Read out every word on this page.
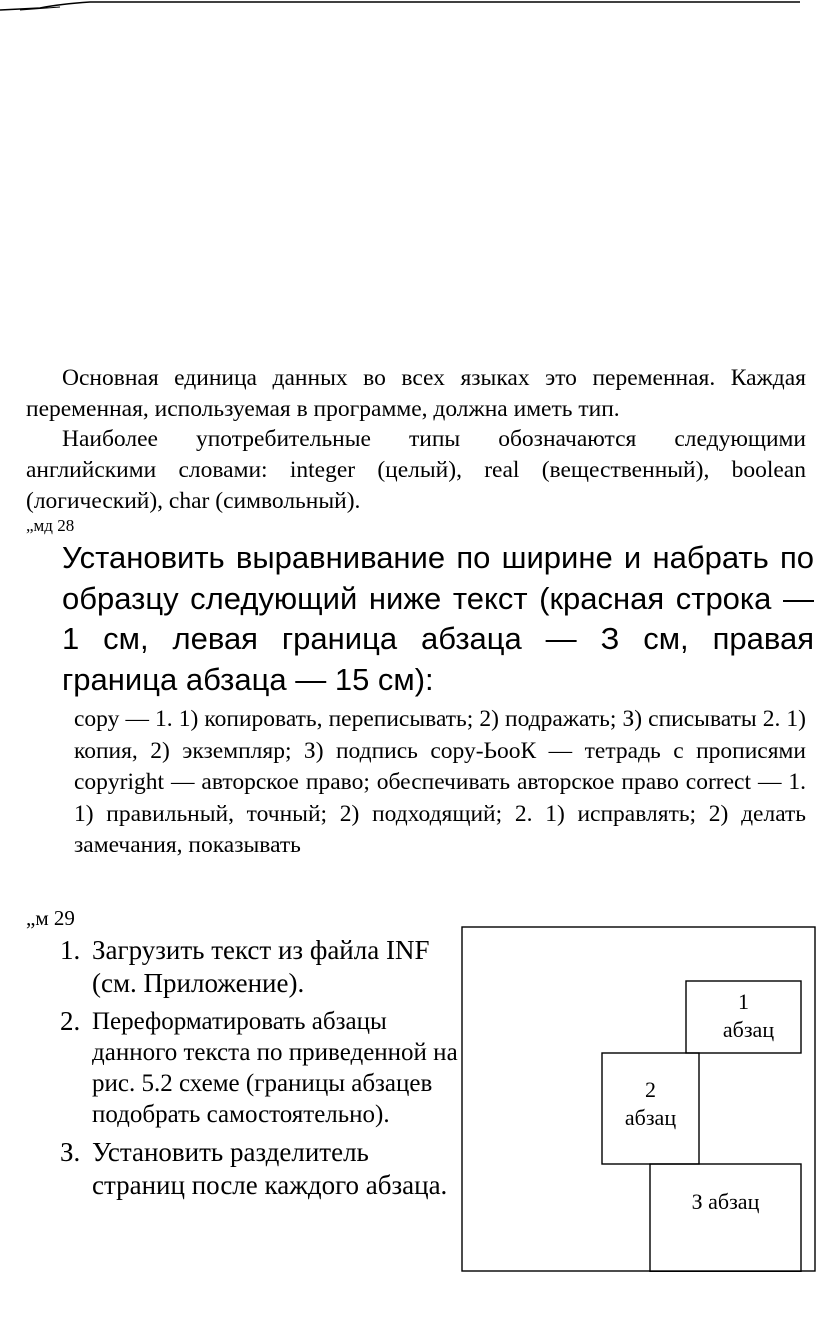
Основная единица данных во всех языках это переменная. Каждая переменная, используемая в программе, должна иметь тип.

Наиболее употребительные типы обозначаются следующими английскими словами: integer (целый), real (вещественный), boolean (логический), char (символьный).

„мд 28

Установить выравнивание по ширине и набрать по образцу следующий ниже текст (красная строка — 1 см, левая граница абзаца — З см, правая граница абзаца — 15 см):

сору — 1. 1) копировать, переписывать; 2) подражать; З) списываты 2. 1) копия, 2) экземпляр; З) подпись сору-ЬооК — тетрадь с прописями copyright — авторское право; обеспечивать авторское право correct — 1. 1) правильный, точный; 2) подходящий; 2. 1) исправлять; 2) делать замечания, показывать

„м 29
1. Загрузить текст из файла INF (см. Приложение).
2. Переформатировать абзацы данного текста по приведенной на рис. 5.2 схеме (границы абзацев подобрать самостоятельно).
З. Установить разделитель страниц после каждого абзаца.
1
абзац
2
абзац
З абзац
